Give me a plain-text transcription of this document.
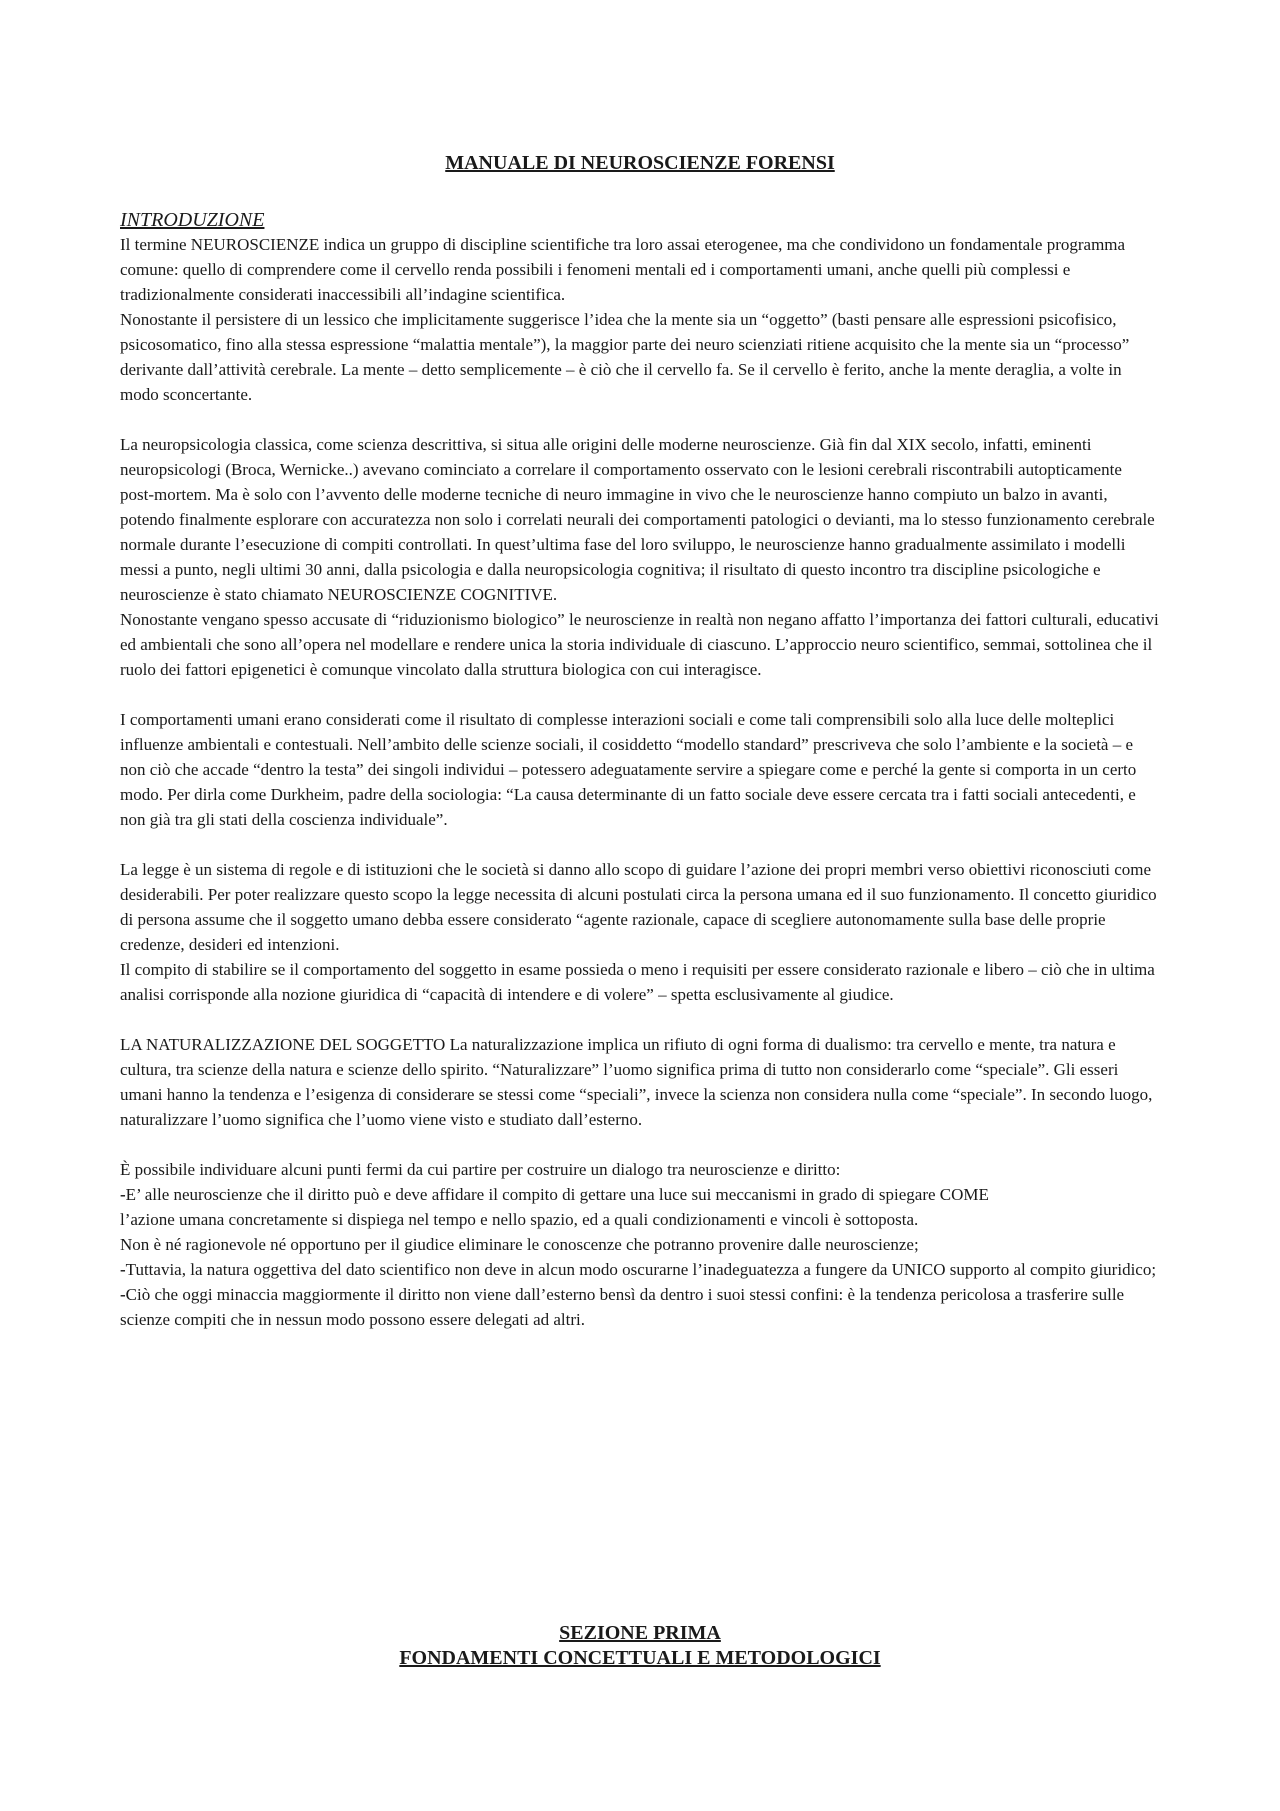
MANUALE DI NEUROSCIENZE FORENSI
INTRODUZIONE

Il termine NEUROSCIENZE indica un gruppo di discipline scientifiche tra loro assai eterogenee, ma che condividono un fondamentale programma comune: quello di comprendere come il cervello renda possibili i fenomeni mentali ed i comportamenti umani, anche quelli più complessi e tradizionalmente considerati inaccessibili all’indagine scientifica.

Nonostante il persistere di un lessico che implicitamente suggerisce l’idea che la mente sia un “oggetto” (basti pensare alle espressioni psicofisico, psicosomatico, fino alla stessa espressione “malattia mentale”), la maggior parte dei neuro scienziati ritiene acquisito che la mente sia un “processo” derivante dall’attività cerebrale. La mente – detto semplicemente – è ciò che il cervello fa. Se il cervello è ferito, anche la mente deraglia, a volte in modo sconcertante.

La neuropsicologia classica, come scienza descrittiva, si situa alle origini delle moderne neuroscienze. Già fin dal XIX secolo, infatti, eminenti neuropsicologi (Broca, Wernicke..) avevano cominciato a correlare il comportamento osservato con le lesioni cerebrali riscontrabili autopticamente post-mortem. Ma è solo con l’avvento delle moderne tecniche di neuro immagine in vivo che le neuroscienze hanno compiuto un balzo in avanti, potendo finalmente esplorare con accuratezza non solo i correlati neurali dei comportamenti patologici o devianti, ma lo stesso funzionamento cerebrale normale durante l’esecuzione di compiti controllati. In quest’ultima fase del loro sviluppo, le neuroscienze hanno gradualmente assimilato i modelli messi a punto, negli ultimi 30 anni, dalla psicologia e dalla neuropsicologia cognitiva; il risultato di questo incontro tra discipline psicologiche e neuroscienze è stato chiamato NEUROSCIENZE COGNITIVE.

Nonostante vengano spesso accusate di “riduzionismo biologico” le neuroscienze in realtà non negano affatto l’importanza dei fattori culturali, educativi ed ambientali che sono all’opera nel modellare e rendere unica la storia individuale di ciascuno. L’approccio neuro scientifico, semmai, sottolinea che il ruolo dei fattori epigenetici è comunque vincolato dalla struttura biologica con cui interagisce.

I comportamenti umani erano considerati come il risultato di complesse interazioni sociali e come tali comprensibili solo alla luce delle molteplici influenze ambientali e contestuali. Nell’ambito delle scienze sociali, il cosiddetto “modello standard” prescriveva che solo l’ambiente e la società – e non ciò che accade “dentro la testa” dei singoli individui – potessero adeguatamente servire a spiegare come e perché la gente si comporta in un certo modo. Per dirla come Durkheim, padre della sociologia: “La causa determinante di un fatto sociale deve essere cercata tra i fatti sociali antecedenti, e non già tra gli stati della coscienza individuale”.

La legge è un sistema di regole e di istituzioni che le società si danno allo scopo di guidare l’azione dei propri membri verso obiettivi riconosciuti come desiderabili. Per poter realizzare questo scopo la legge necessita di alcuni postulati circa la persona umana ed il suo funzionamento. Il concetto giuridico di persona assume che il soggetto umano debba essere considerato “agente razionale, capace di scegliere autonomamente sulla base delle proprie credenze, desideri ed intenzioni.

Il compito di stabilire se il comportamento del soggetto in esame possieda o meno i requisiti per essere considerato razionale e libero – ciò che in ultima analisi corrisponde alla nozione giuridica di “capacità di intendere e di volere” – spetta esclusivamente al giudice.

LA NATURALIZZAZIONE DEL SOGGETTO La naturalizzazione implica un rifiuto di ogni forma di dualismo: tra cervello e mente, tra natura e cultura, tra scienze della natura e scienze dello spirito. “Naturalizzare” l’uomo significa prima di tutto non considerarlo come “speciale”. Gli esseri umani hanno la tendenza e l’esigenza di considerare se stessi come “speciali”, invece la scienza non considera nulla come “speciale”. In secondo luogo, naturalizzare l’uomo significa che l’uomo viene visto e studiato dall’esterno.

È possibile individuare alcuni punti fermi da cui partire per costruire un dialogo tra neuroscienze e diritto:

-E’ alle neuroscienze che il diritto può e deve affidare il compito di gettare una luce sui meccanismi in grado di spiegare COME

l’azione umana concretamente si dispiega nel tempo e nello spazio, ed a quali condizionamenti e vincoli è sottoposta.

Non è né ragionevole né opportuno per il giudice eliminare le conoscenze che potranno provenire dalle neuroscienze;

-Tuttavia, la natura oggettiva del dato scientifico non deve in alcun modo oscurarne l’inadeguatezza a fungere da UNICO supporto al compito giuridico;

-Ciò che oggi minaccia maggiormente il diritto non viene dall’esterno bensì da dentro i suoi stessi confini: è la tendenza pericolosa a trasferire sulle scienze compiti che in nessun modo possono essere delegati ad altri.

SEZIONE PRIMA
FONDAMENTI CONCETTUALI E METODOLOGICI
